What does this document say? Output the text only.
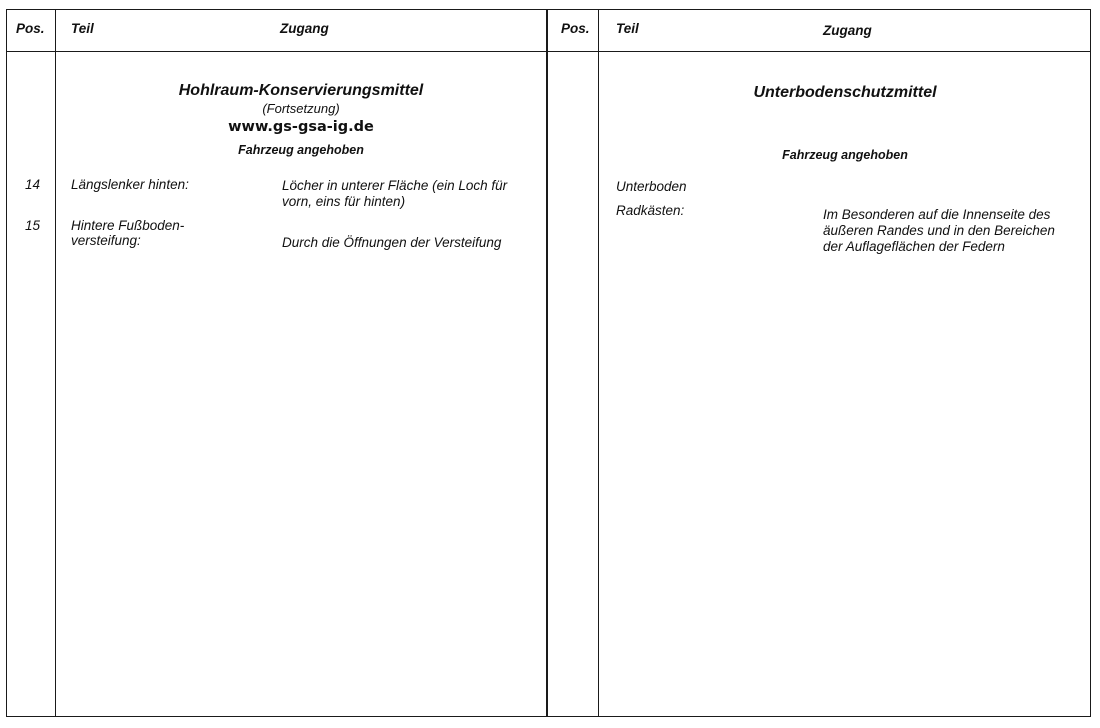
Pos. Teil	Zugang	Pos. Teil	Zugang
Hohlraum-Konservierungsmittel
(Fortsetzung)
www.gs-gsa-ig.de
Fahrzeug angehoben
14 Längslenker hinten:	Löcher in unterer Fläche (ein Loch für
vorn, eins für hinten)
15 Hintere Fußboden-
versteifung:	Durch die Öffnungen der Versteifung
Unterbodenschutzmittel
Fahrzeug angehoben
Unterboden
Radkästen:	Im Besonderen auf die Innenseite des
äußeren Randes und in den Bereichen
der Auflageflächen der Federn
